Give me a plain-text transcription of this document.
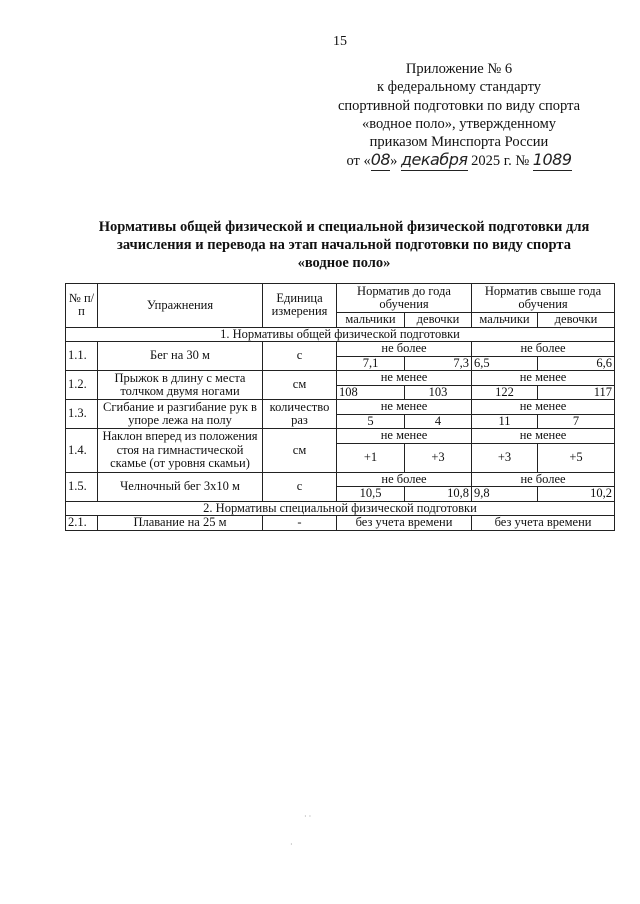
15
Приложение № 6
к федеральному стандарту
спортивной подготовки по виду спорта
«водное поло», утвержденному
приказом Минспорта России
от «08» декабря 2025 г. № 1089
Нормативы общей физической и специальной физической подготовки для
зачисления и перевода на этап начальной подготовки по виду спорта
«водное поло»
№ п/п	Упражнения	Единица измерения	Норматив до года обучения		Норматив свыше года обучения	
			мальчики	девочки	мальчики	девочки
1. Нормативы общей физической подготовки						
1.1.	Бег на 30 м	с	не более		не более	
			7,1	7,3	6,5	6,6
1.2.	Прыжок в длину с места толчком двумя ногами	см	не менее		не менее	
			108	103	122	117
1.3.	Сгибание и разгибание рук в упоре лежа на полу	количество раз	не менее		не менее	
			5	4	11	7
1.4.	Наклон вперед из положения стоя на гимнастической скамье (от уровня скамьи)	см	не менее		не менее	
			+1	+3	+3	+5
1.5.	Челночный бег 3х10 м	с	не более		не более	
			10,5	10,8	9,8	10,2
2. Нормативы специальной физической подготовки						
2.1.	Плавание на 25 м	-	без учета времени		без учета времени	
· ·
·
